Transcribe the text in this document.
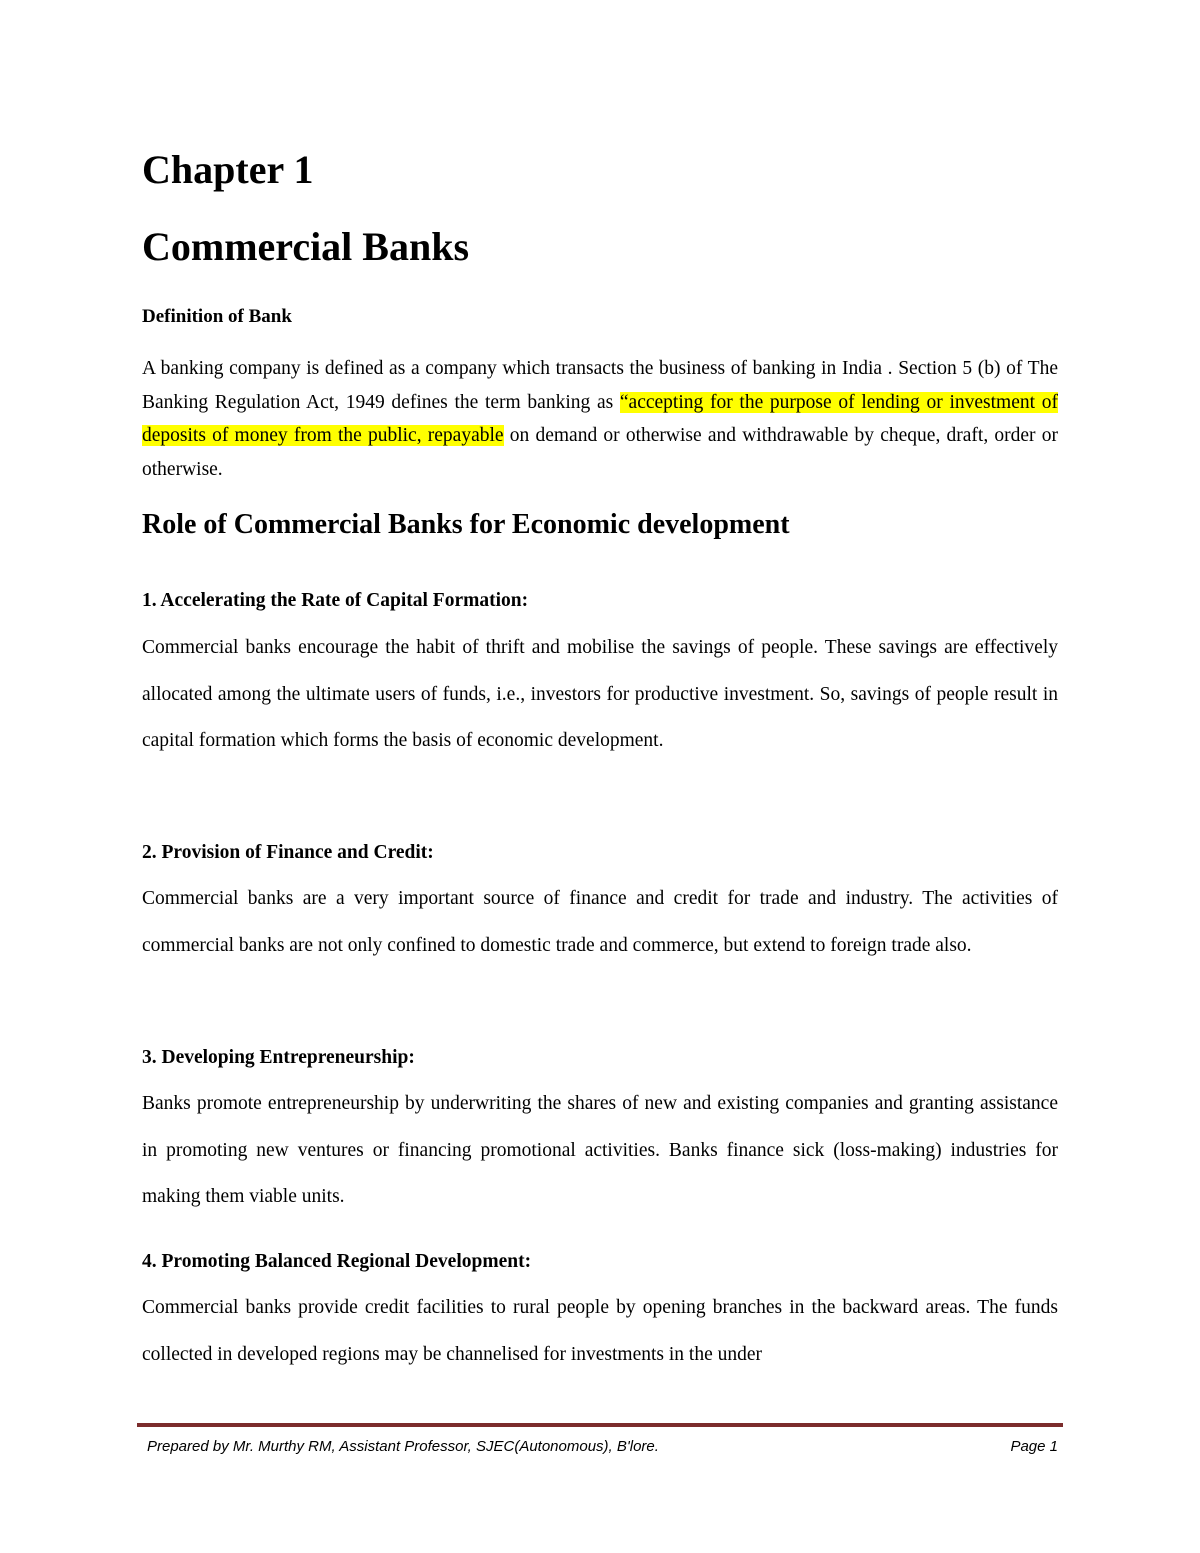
Chapter 1
Commercial Banks
Definition of Bank
A banking company is defined as a company which transacts the business of banking in India . Section 5 (b) of The Banking Regulation Act, 1949 defines the term banking as “accepting for the purpose of lending or investment of deposits of money from the public, repayable on demand or otherwise and withdrawable by cheque, draft, order or otherwise.
Role of Commercial Banks for Economic development
1. Accelerating the Rate of Capital Formation:
Commercial banks encourage the habit of thrift and mobilise the savings of people. These savings are effectively allocated among the ultimate users of funds, i.e., investors for productive investment. So, savings of people result in capital formation which forms the basis of economic development.
2. Provision of Finance and Credit:
Commercial banks are a very important source of finance and credit for trade and industry. The activities of commercial banks are not only confined to domestic trade and commerce, but extend to foreign trade also.
3. Developing Entrepreneurship:
Banks promote entrepreneurship by underwriting the shares of new and existing companies and granting assistance in promoting new ventures or financing promotional activities. Banks finance sick (loss-making) industries for making them viable units.
4. Promoting Balanced Regional Development:
Commercial banks provide credit facilities to rural people by opening branches in the backward areas. The funds collected in developed regions may be channelised for investments in the under
Prepared by Mr. Murthy RM, Assistant Professor, SJEC(Autonomous), B'lore.	Page 1
